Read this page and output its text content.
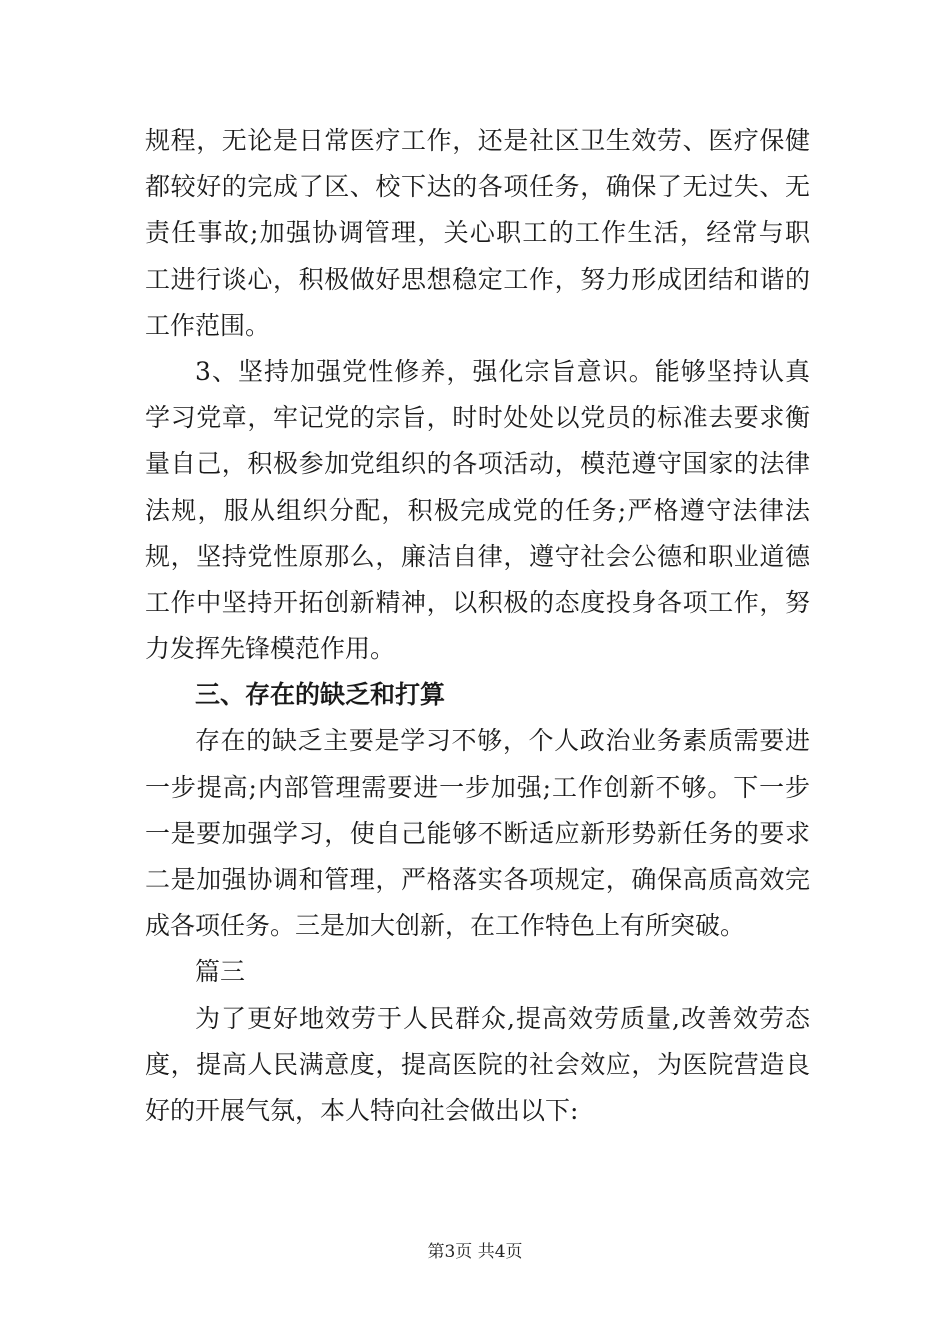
规程，无论是日常医疗工作，还是社区卫生效劳、医疗保健
都较好的完成了区、校下达的各项任务，确保了无过失、无
责任事故;加强协调管理，关心职工的工作生活，经常与职
工进行谈心，积极做好思想稳定工作，努力形成团结和谐的
工作范围。
3、坚持加强党性修养，强化宗旨意识。能够坚持认真
学习党章，牢记党的宗旨，时时处处以党员的标准去要求衡
量自己，积极参加党组织的各项活动，模范遵守国家的法律
法规，服从组织分配，积极完成党的任务;严格遵守法律法
规，坚持党性原那么，廉洁自律，遵守社会公德和职业道德
工作中坚持开拓创新精神，以积极的态度投身各项工作，努
力发挥先锋模范作用。
三、存在的缺乏和打算
存在的缺乏主要是学习不够，个人政治业务素质需要进
一步提高;内部管理需要进一步加强;工作创新不够。下一步
一是要加强学习，使自己能够不断适应新形势新任务的要求
二是加强协调和管理，严格落实各项规定，确保高质高效完
成各项任务。三是加大创新，在工作特色上有所突破。
篇三
为了更好地效劳于人民群众,提高效劳质量,改善效劳态
度，提高人民满意度，提高医院的社会效应，为医院营造良
好的开展气氛，本人特向社会做出以下:
第3页 共4页
